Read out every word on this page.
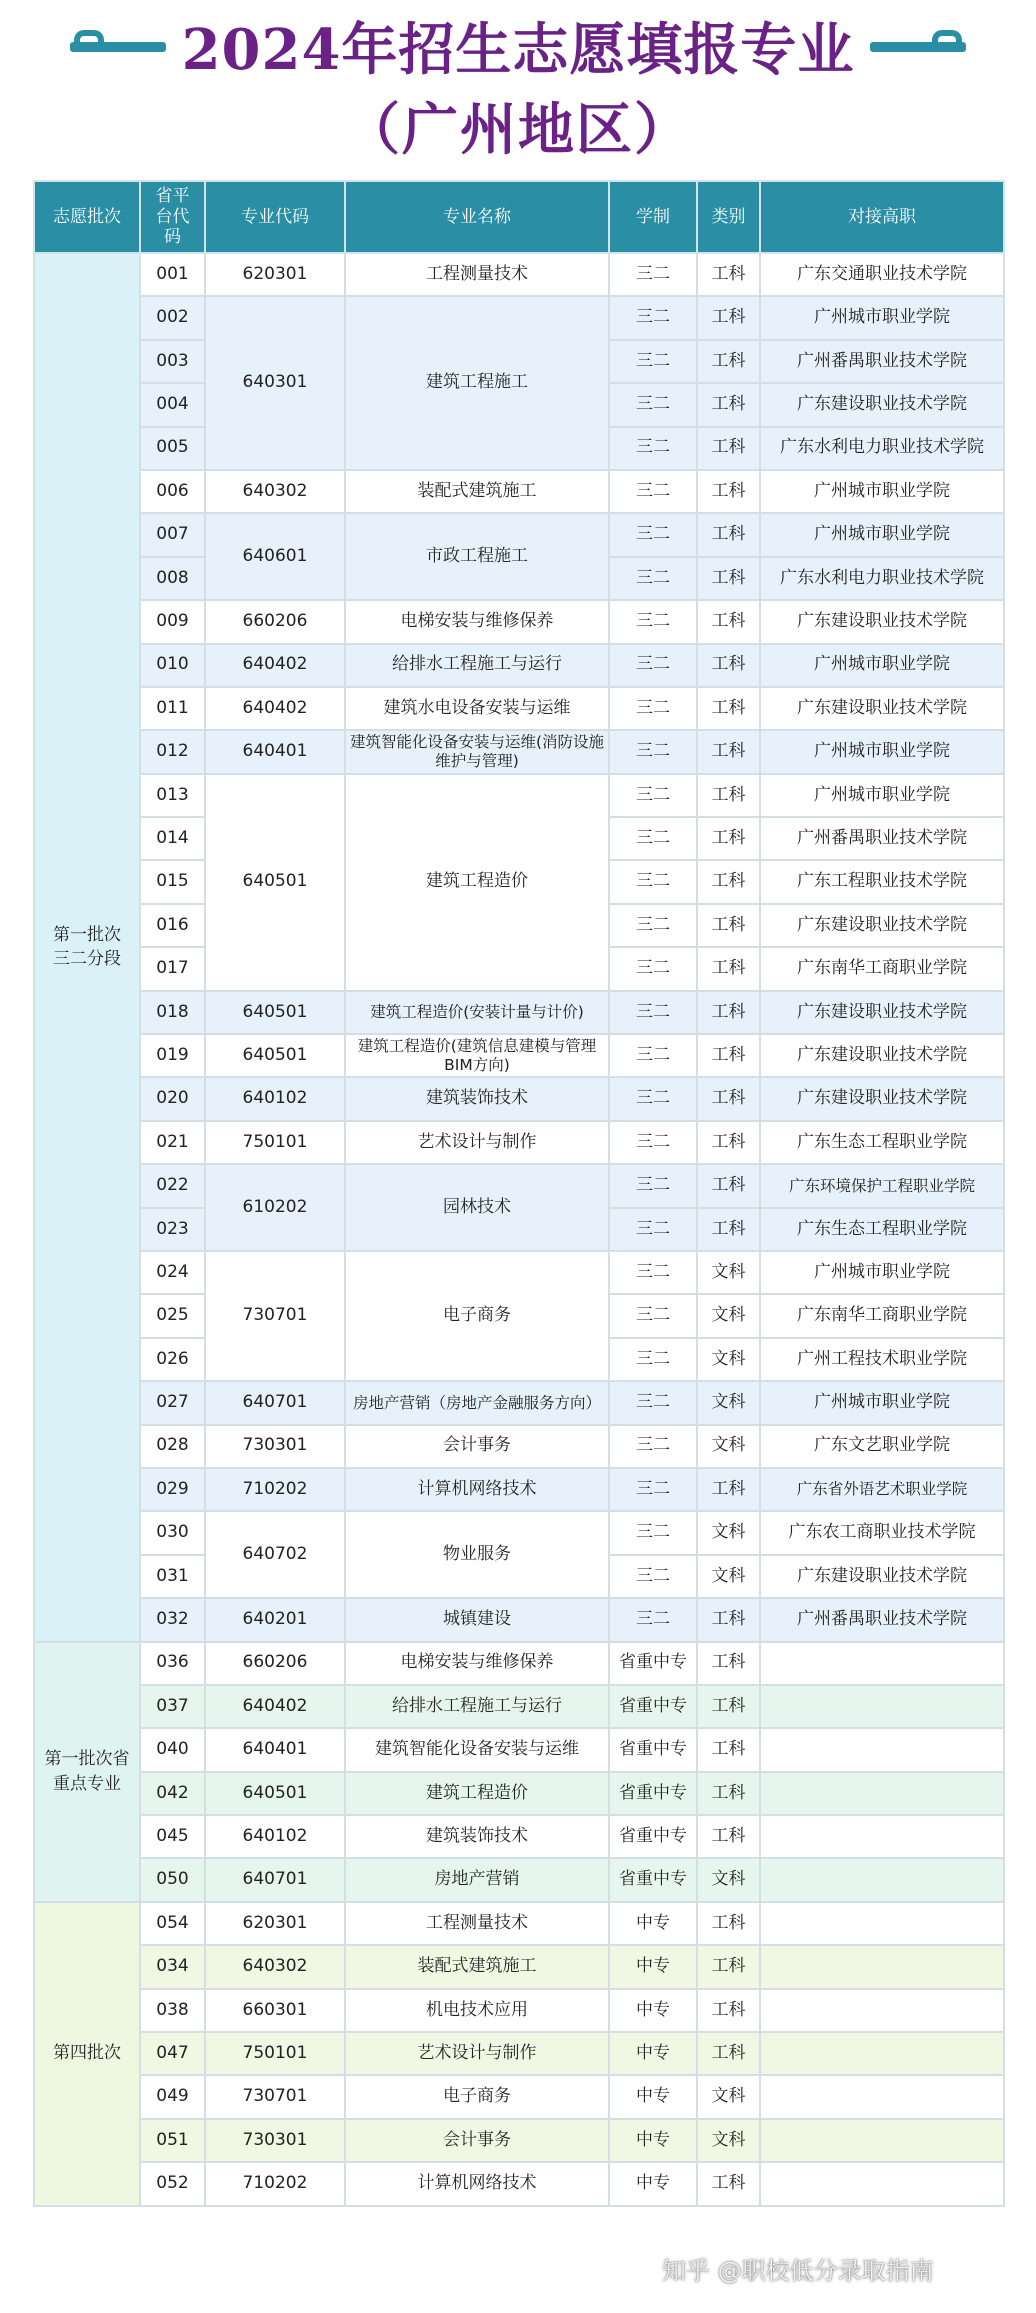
2024年招生志愿填报专业
（广州地区）
志愿批次	省平台代码	专业代码	专业名称	学制	类别	对接高职

第一批次三二分段	001	620301	工程测量技术	三二	工科	广东交通职业技术学院
	002	640301	建筑工程施工	三二	工科	广州城市职业学院
	003			三二	工科	广州番禺职业技术学院
	004			三二	工科	广东建设职业技术学院
	005			三二	工科	广东水利电力职业技术学院
	006	640302	装配式建筑施工	三二	工科	广州城市职业学院
	007	640601	市政工程施工	三二	工科	广州城市职业学院
	008			三二	工科	广东水利电力职业技术学院
	009	660206	电梯安装与维修保养	三二	工科	广东建设职业技术学院
	010	640402	给排水工程施工与运行	三二	工科	广州城市职业学院
	011	640402	建筑水电设备安装与运维	三二	工科	广东建设职业技术学院
	012	640401	建筑智能化设备安装与运维(消防设施维护与管理)	三二	工科	广州城市职业学院
	013	640501	建筑工程造价	三二	工科	广州城市职业学院
	014			三二	工科	广州番禺职业技术学院
	015			三二	工科	广东工程职业技术学院
	016			三二	工科	广东建设职业技术学院
	017			三二	工科	广东南华工商职业学院
	018	640501	建筑工程造价(安装计量与计价)	三二	工科	广东建设职业技术学院
	019	640501	建筑工程造价(建筑信息建模与管理BIM方向)	三二	工科	广东建设职业技术学院
	020	640102	建筑装饰技术	三二	工科	广东建设职业技术学院
	021	750101	艺术设计与制作	三二	工科	广东生态工程职业学院
	022	610202	园林技术	三二	工科	广东环境保护工程职业学院
	023			三二	工科	广东生态工程职业学院
	024	730701	电子商务	三二	文科	广州城市职业学院
	025			三二	文科	广东南华工商职业学院
	026			三二	文科	广州工程技术职业学院
	027	640701	房地产营销（房地产金融服务方向）	三二	文科	广州城市职业学院
	028	730301	会计事务	三二	文科	广东文艺职业学院
	029	710202	计算机网络技术	三二	工科	广东省外语艺术职业学院
	030	640702	物业服务	三二	文科	广东农工商职业技术学院
	031			三二	文科	广东建设职业技术学院
	032	640201	城镇建设	三二	工科	广州番禺职业技术学院

第一批次省重点专业	036	660206	电梯安装与维修保养	省重中专	工科	
	037	640402	给排水工程施工与运行	省重中专	工科	
	040	640401	建筑智能化设备安装与运维	省重中专	工科	
	042	640501	建筑工程造价	省重中专	工科	
	045	640102	建筑装饰技术	省重中专	工科	
	050	640701	房地产营销	省重中专	文科	
第四批次	054	620301	工程测量技术	中专	工科	
	034	640302	装配式建筑施工	中专	工科	
	038	660301	机电技术应用	中专	工科	
	047	750101	艺术设计与制作	中专	工科	
	049	730701	电子商务	中专	文科	
	051	730301	会计事务	中专	文科	
	052	710202	计算机网络技术	中专	工科	
知乎 @职校低分录取指南
